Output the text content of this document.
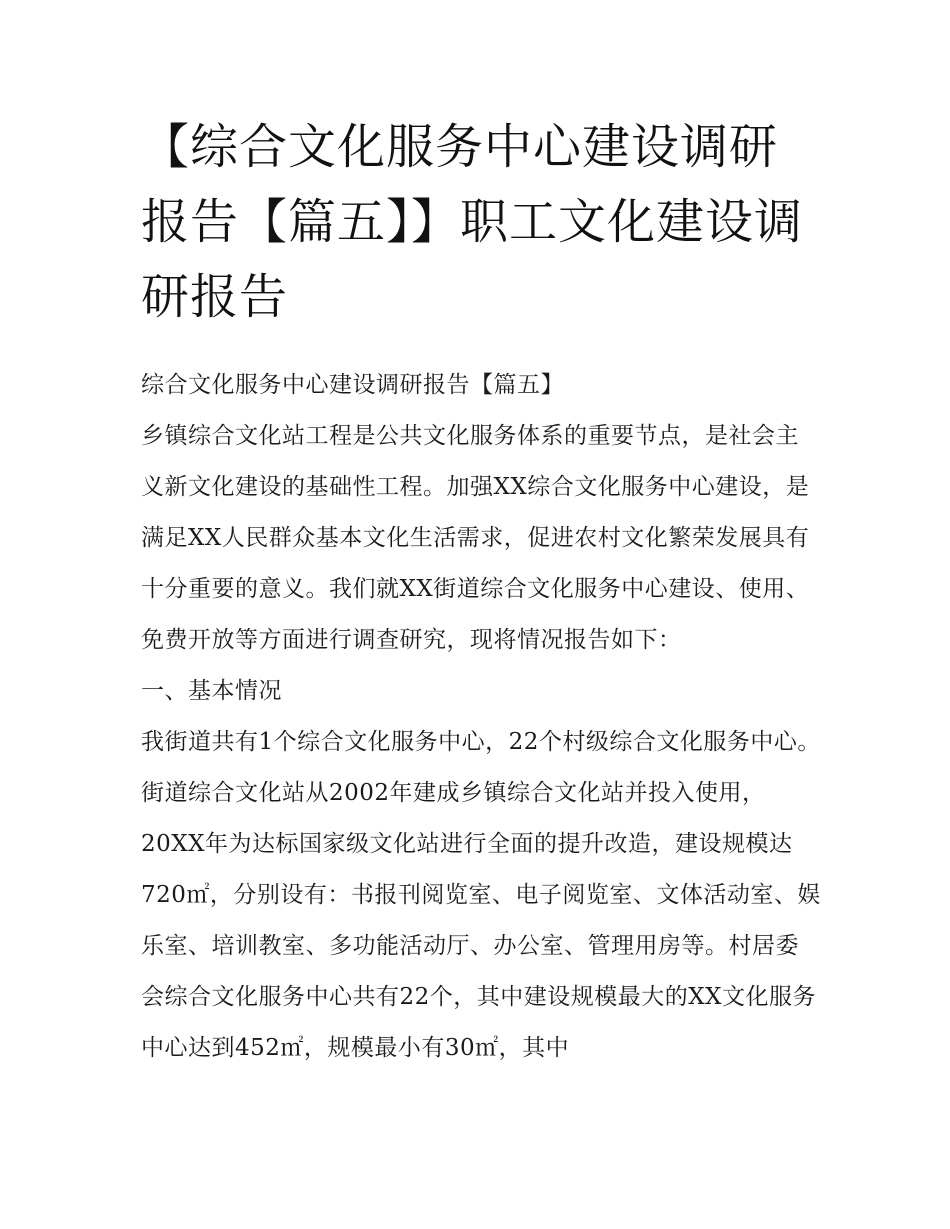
【综合文化服务中心建设调研报告【篇五】】职工文化建设调研报告

综合文化服务中心建设调研报告【篇五】

乡镇综合文化站工程是公共文化服务体系的重要节点，是社会主义新文化建设的基础性工程。加强XX综合文化服务中心建设，是满足XX人民群众基本文化生活需求，促进农村文化繁荣发展具有十分重要的意义。我们就XX街道综合文化服务中心建设、使用、免费开放等方面进行调查研究，现将情况报告如下：

一、基本情况

我街道共有1个综合文化服务中心，22个村级综合文化服务中心。街道综合文化站从2002年建成乡镇综合文化站并投入使用，20XX年为达标国家级文化站进行全面的提升改造，建设规模达720㎡，分别设有：书报刊阅览室、电子阅览室、文体活动室、娱乐室、培训教室、多功能活动厅、办公室、管理用房等。村居委会综合文化服务中心共有22个，其中建设规模最大的XX文化服务中心达到452㎡，规模最小有30㎡，其中
